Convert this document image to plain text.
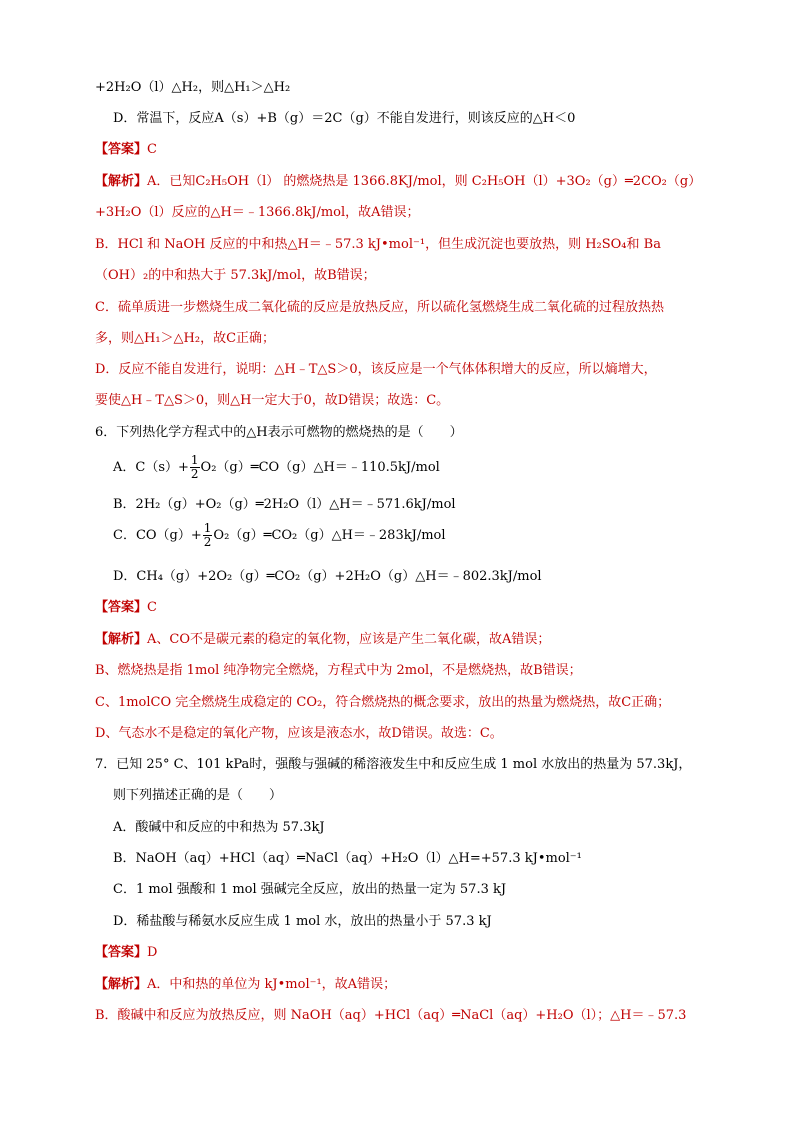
+2H₂O（l）△H₂，则△H₁＞△H₂
D．常温下，反应A（s）+B（g）＝2C（g）不能自发进行，则该反应的△H＜0
【答案】C
【解析】A．已知C₂H₅OH（l） 的燃烧热是 1366.8KJ/mol，则 C₂H₅OH（l）+3O₂（g）═2CO₂（g）
+3H₂O（l）反应的△H＝﹣1366.8kJ/mol，故A错误；
B．HCl 和 NaOH 反应的中和热△H＝﹣57.3 kJ•mol⁻¹，但生成沉淀也要放热，则 H₂SO₄和 Ba
（OH）₂的中和热大于 57.3kJ/mol，故B错误；
C．硫单质进一步燃烧生成二氧化硫的反应是放热反应，所以硫化氢燃烧生成二氧化硫的过程放热热
多，则△H₁＞△H₂，故C正确；
D．反应不能自发进行，说明：△H﹣T△S＞0，该反应是一个气体体积增大的反应，所以熵增大，
要使△H﹣T△S＞0，则△H一定大于0，故D错误；故选：C。
6．下列热化学方程式中的△H表示可燃物的燃烧热的是（　　）
A．$C(s)+ \frac{1}{2}$ O₂（g）═CO（g）△H＝﹣110.5kJ/mol
B．2H₂（g）+O₂（g）═2H₂O（l）△H＝﹣571.6kJ/mol
C．$CO(g)+ \frac{1}{2}$ O₂（g）═CO₂（g）△H＝﹣283kJ/mol
D．CH₄（g）+2O₂（g）═CO₂（g）+2H₂O（g）△H＝﹣802.3kJ/mol
【答案】C
【解析】A、CO不是碳元素的稳定的氧化物，应该是产生二氧化碳，故A错误；
B、燃烧热是指 1mol 纯净物完全燃烧，方程式中为 2mol，不是燃烧热，故B错误；
C、1molCO 完全燃烧生成稳定的 CO₂，符合燃烧热的概念要求，放出的热量为燃烧热，故C正确；
D、气态水不是稳定的氧化产物，应该是液态水，故D错误。故选：C。
7．已知 25° C、101 kPa时，强酸与强碱的稀溶液发生中和反应生成 1 mol 水放出的热量为 57.3kJ，
则下列描述正确的是（　　）
A．酸碱中和反应的中和热为 57.3kJ
B．NaOH（aq）+HCl（aq）═NaCl（aq）+H₂O（l）△H=+57.3 kJ•mol⁻¹
C．1 mol 强酸和 1 mol 强碱完全反应，放出的热量一定为 57.3 kJ
D．稀盐酸与稀氨水反应生成 1 mol 水，放出的热量小于 57.3 kJ
【答案】D
【解析】A．中和热的单位为 kJ•mol⁻¹，故A错误；
B．酸碱中和反应为放热反应，则 NaOH（aq）+HCl（aq）═NaCl（aq）+H₂O（l）；△H＝﹣57.3
